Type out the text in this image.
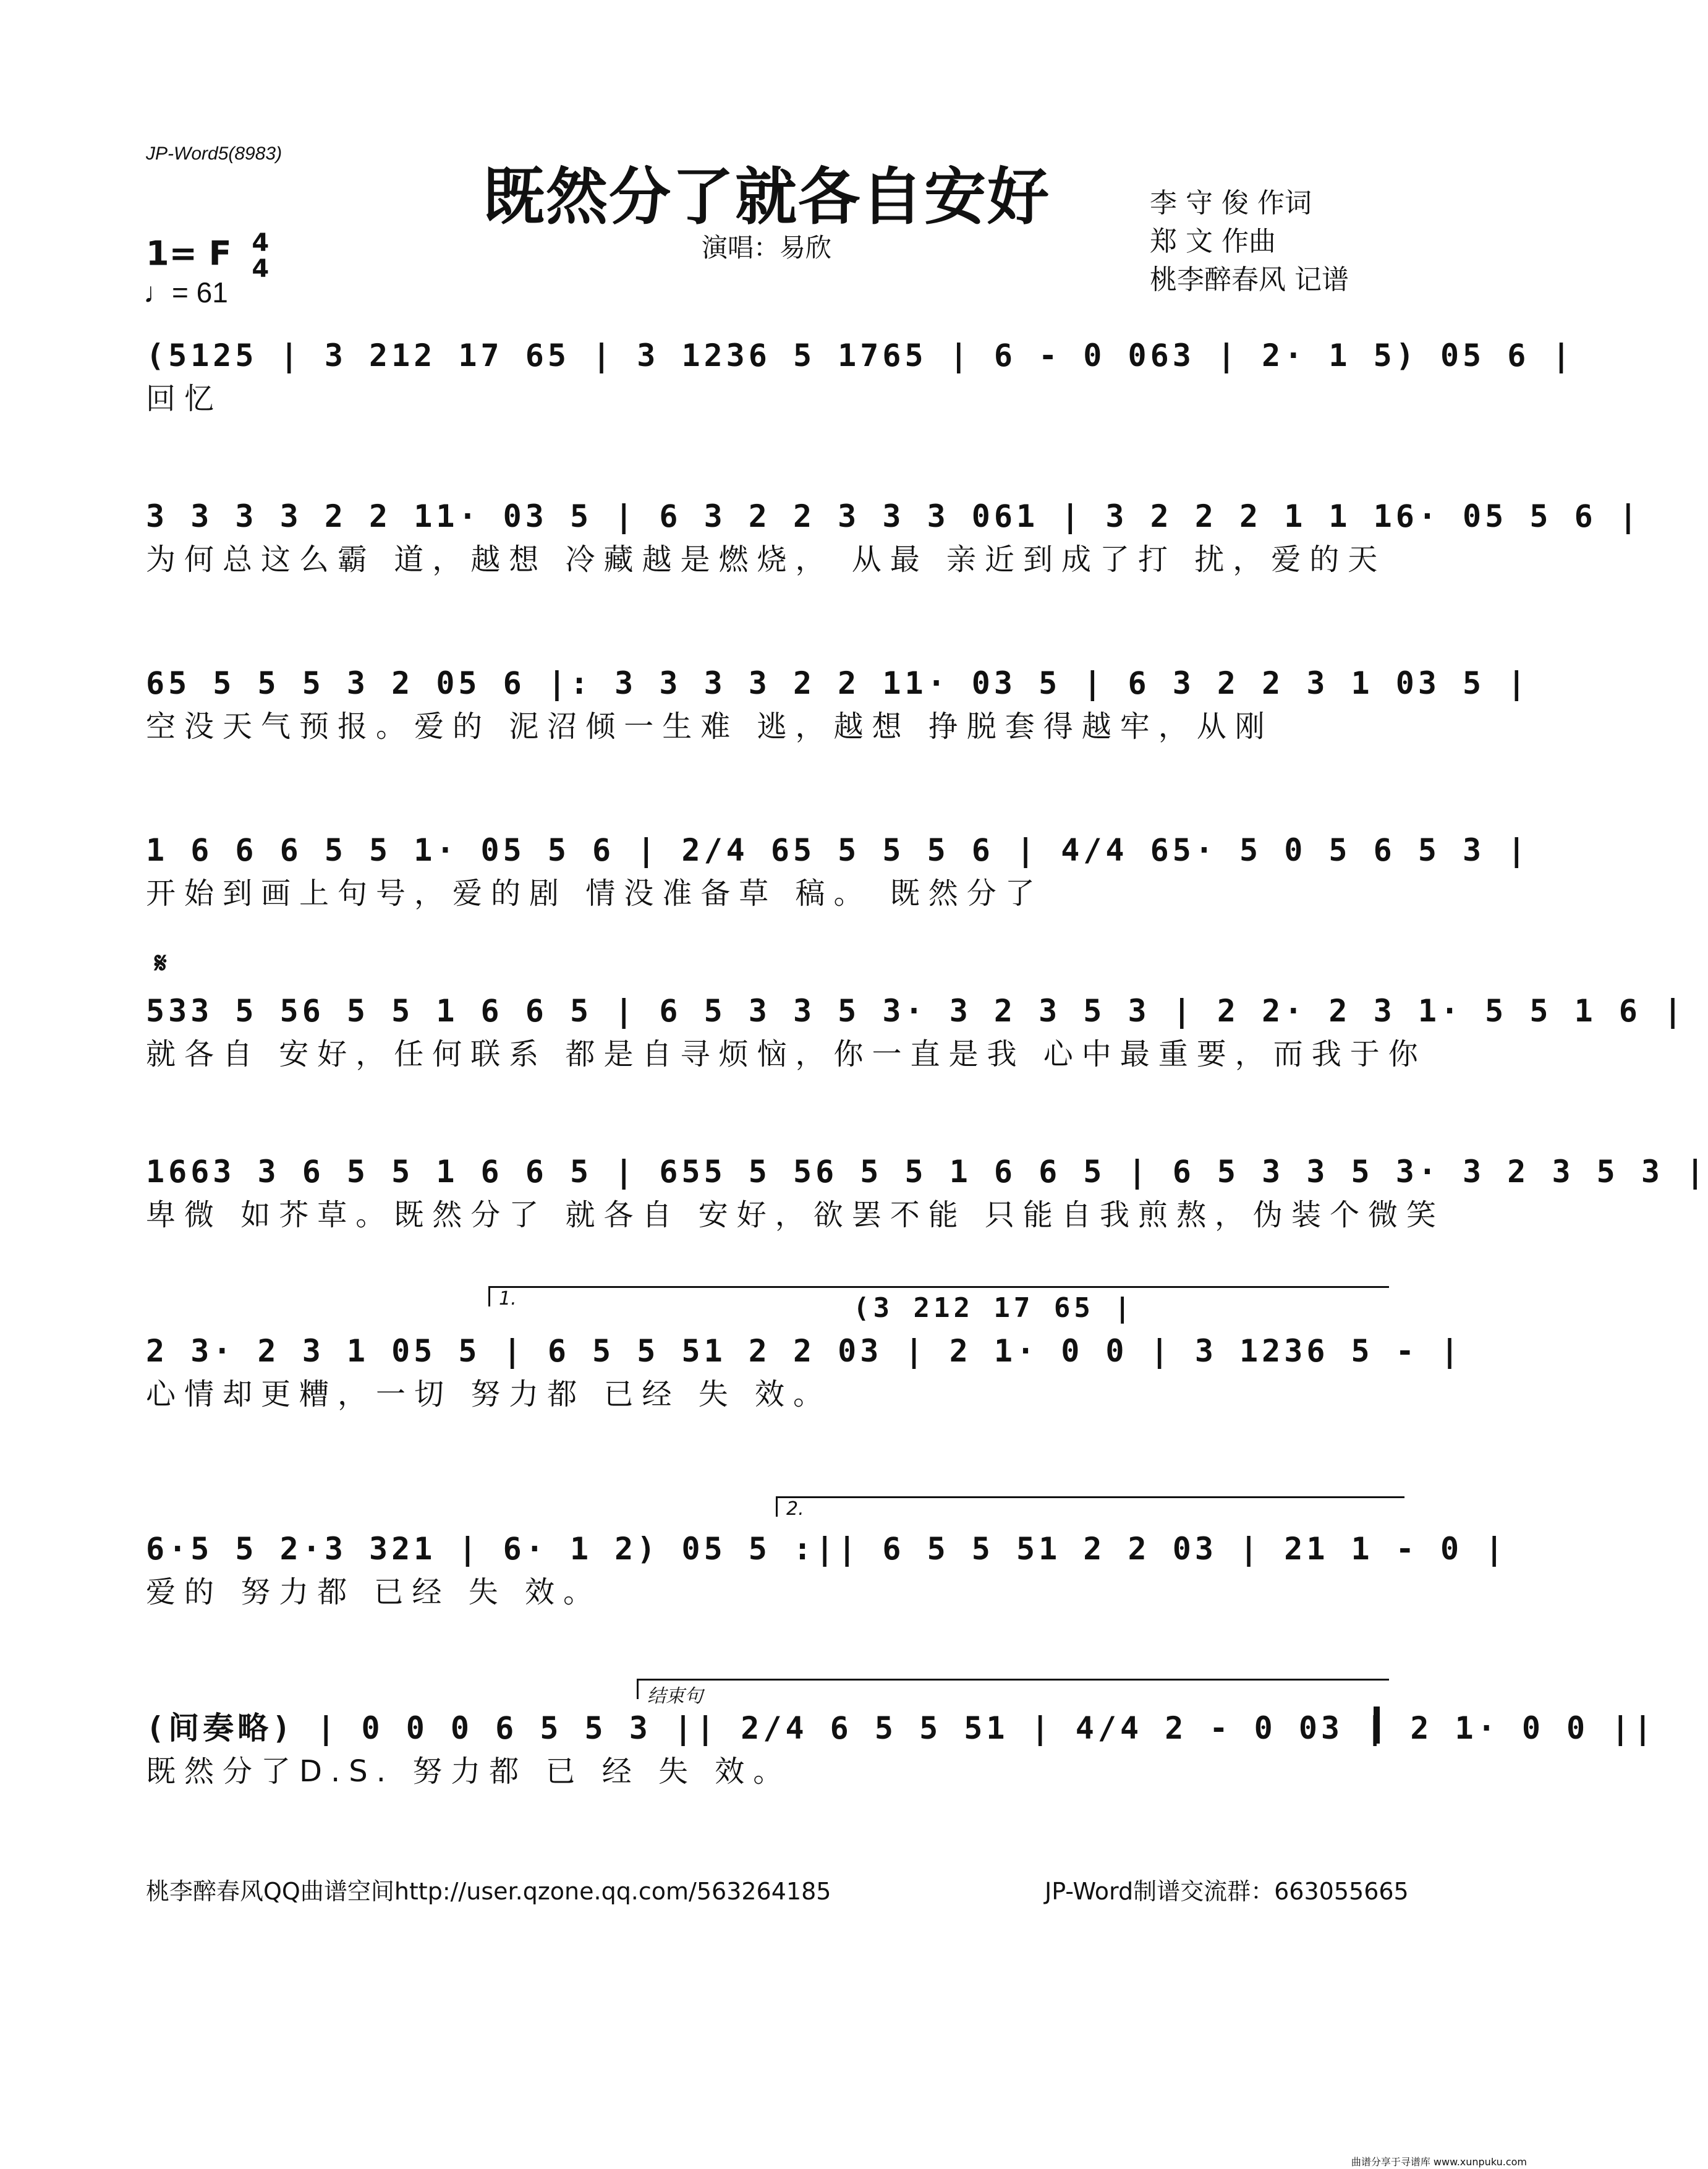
JP-Word5(8983)
既然分了就各自安好
演唱：易欣
1= F 4
4
♩= 61
李 守 俊 作词
郑 文 作曲
桃李醉春风 记谱
(5125 | 3 212 17 65 | 3 1236 5 1765 | 6 - 0 063 | 2· 1 5) 05 6 |
回忆
3 3 3 3 2 2 11· 03 5 | 6 3 2 2 3 3 3 061 | 3 2 2 2 1 1 16· 05 5 6 |
为何总这么霸 道，越想 冷藏越是燃烧， 从最 亲近到成了打 扰，爱的天
65 5 5 5 3 2 05 6 |: 3 3 3 3 2 2 11· 03 5 | 6 3 2 2 3 1 03 5 |
空没天气预报。爱的 泥沼倾一生难 逃，越想 挣脱套得越牢，从刚
1 6 6 6 5 5 1· 05 5 6 | 2/4 65 5 5 5 6 | 4/4 65· 5 0 5 6 5 3 |
开始到画上句号，爱的剧 情没准备草 稿。 既然分了
𝄋
533 5 56 5 5 1 6 6 5 | 6 5 3 3 5 3· 3 2 3 5 3 | 2 2· 2 3 1· 5 5 1 6 |
就各自 安好，任何联系 都是自寻烦恼，你一直是我 心中最重要，而我于你
1663 3 6 5 5 1 6 6 5 | 655 5 56 5 5 1 6 6 5 | 6 5 3 3 5 3· 3 2 3 5 3 |
卑微 如芥草。既然分了 就各自 安好，欲罢不能 只能自我煎熬，伪装个微笑
1.	(3 212 17 65 |
2 3· 2 3 1 05 5 | 6 5 5 51 2 2 03 | 2 1· 0 0 | 3 1236 5 - |
心情却更糟，一切 努力都 已经 失 效。
2.
6·5 5 2·3 321 | 6· 1 2) 05 5 :|| 6 5 5 51 2 2 03 | 21 1 - 0 |
爱的 努力都 已经 失 效。
结束句
(间奏略) | 0 0 0 6 5 5 3 || 2/4 6 5 5 51 | 4/4 2 - 0 03 | 2 1· 0 0 ||
既然分了D.S. 努力都 已 经 失 效。
桃李醉春风QQ曲谱空间http://user.qzone.qq.com/563264185	JP-Word制谱交流群：663055665
曲谱分享于寻谱库 www.xunpuku.com
